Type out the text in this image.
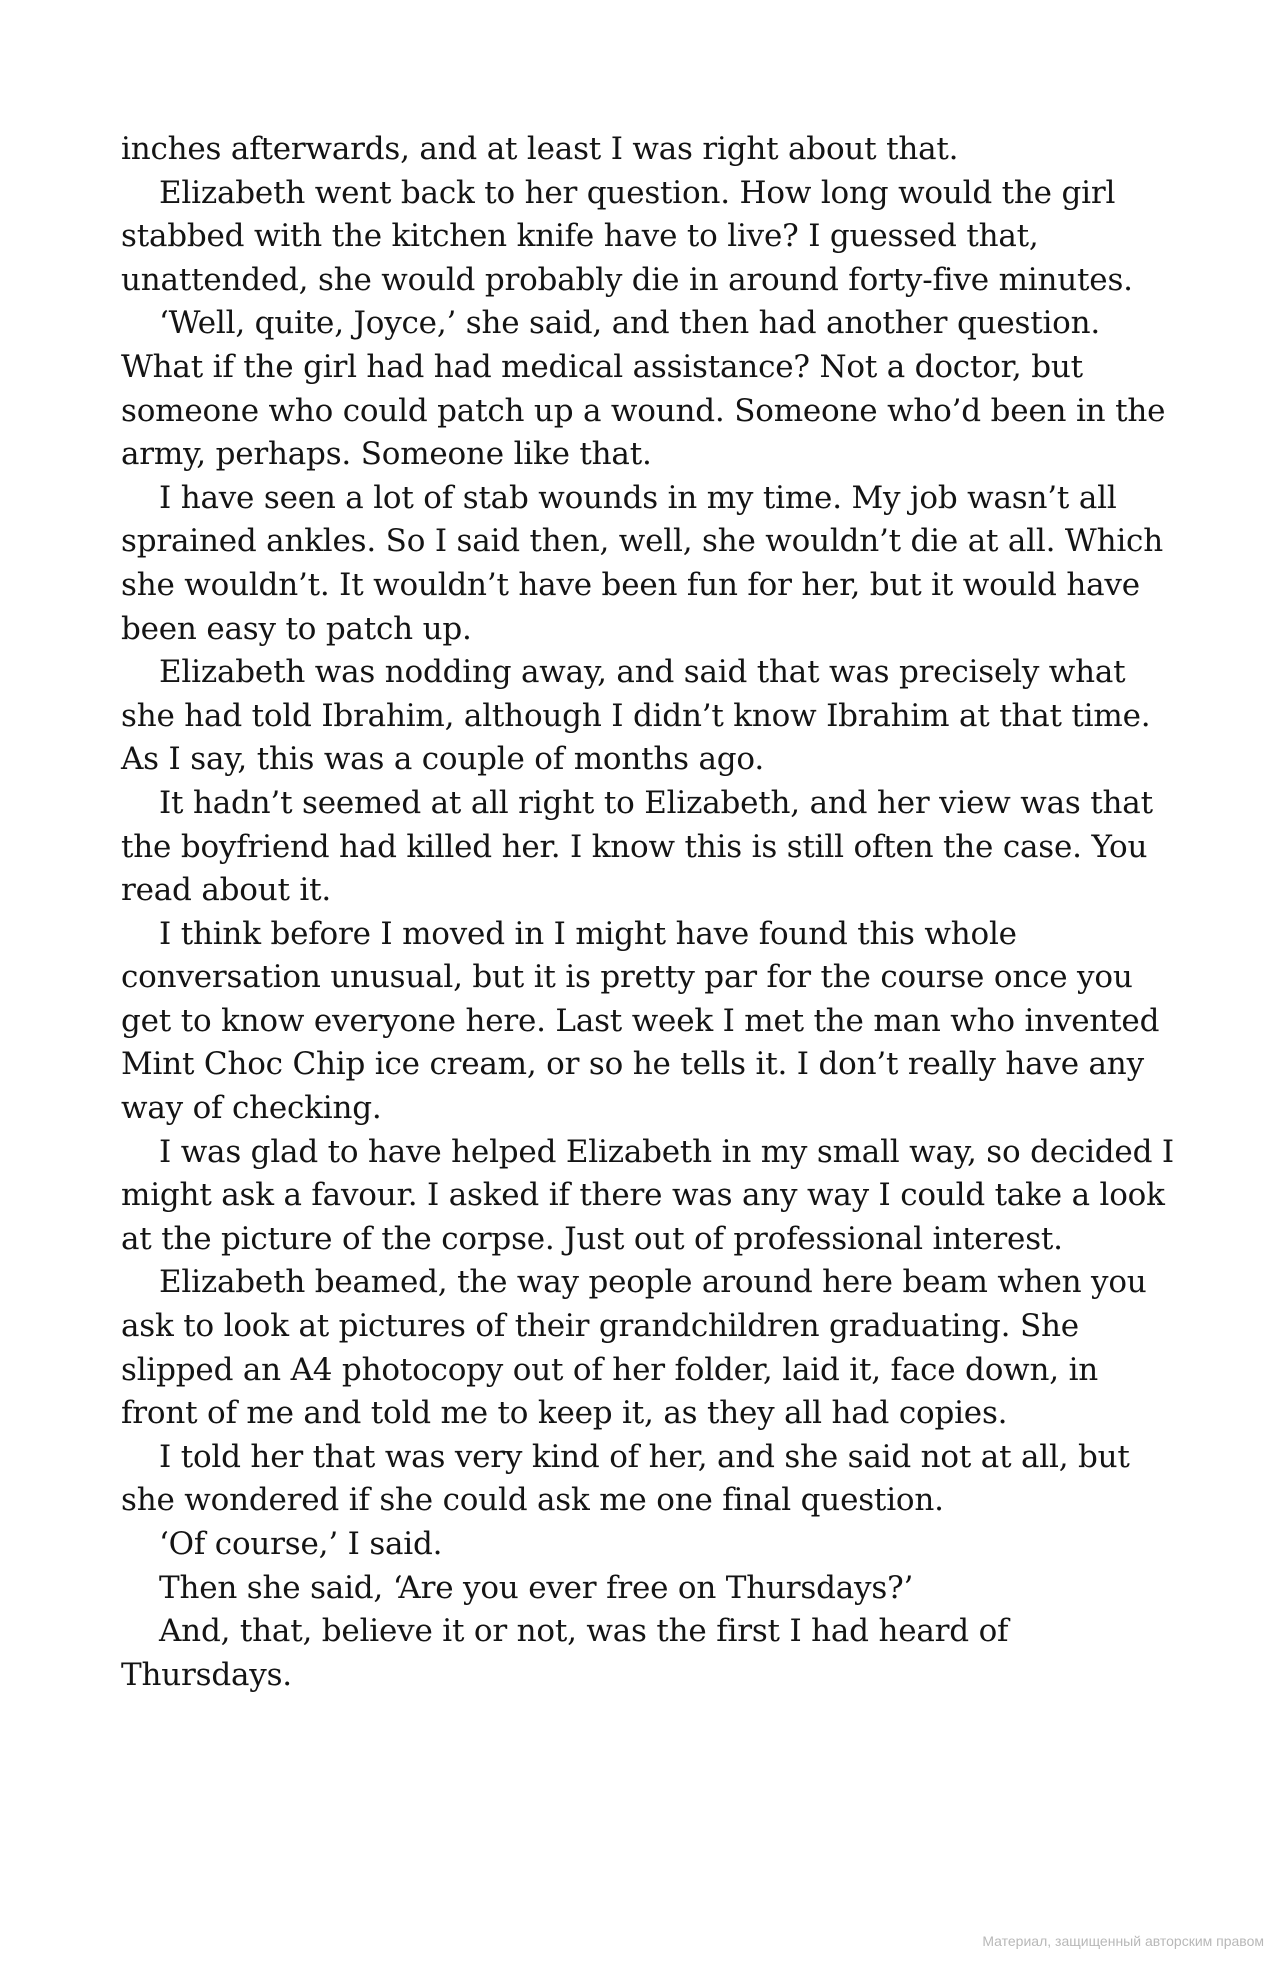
inches afterwards, and at least I was right about that.
Elizabeth went back to her question. How long would the girl
stabbed with the kitchen knife have to live? I guessed that,
unattended, she would probably die in around forty-five minutes.
‘Well, quite, Joyce,’ she said, and then had another question.
What if the girl had had medical assistance? Not a doctor, but
someone who could patch up a wound. Someone who’d been in the
army, perhaps. Someone like that.
I have seen a lot of stab wounds in my time. My job wasn’t all
sprained ankles. So I said then, well, she wouldn’t die at all. Which
she wouldn’t. It wouldn’t have been fun for her, but it would have
been easy to patch up.
Elizabeth was nodding away, and said that was precisely what
she had told Ibrahim, although I didn’t know Ibrahim at that time.
As I say, this was a couple of months ago.
It hadn’t seemed at all right to Elizabeth, and her view was that
the boyfriend had killed her. I know this is still often the case. You
read about it.
I think before I moved in I might have found this whole
conversation unusual, but it is pretty par for the course once you
get to know everyone here. Last week I met the man who invented
Mint Choc Chip ice cream, or so he tells it. I don’t really have any
way of checking.
I was glad to have helped Elizabeth in my small way, so decided I
might ask a favour. I asked if there was any way I could take a look
at the picture of the corpse. Just out of professional interest.
Elizabeth beamed, the way people around here beam when you
ask to look at pictures of their grandchildren graduating. She
slipped an A4 photocopy out of her folder, laid it, face down, in
front of me and told me to keep it, as they all had copies.
I told her that was very kind of her, and she said not at all, but
she wondered if she could ask me one final question.
‘Of course,’ I said.
Then she said, ‘Are you ever free on Thursdays?’
And, that, believe it or not, was the first I had heard of
Thursdays.
Материал, защищенный авторским правом
